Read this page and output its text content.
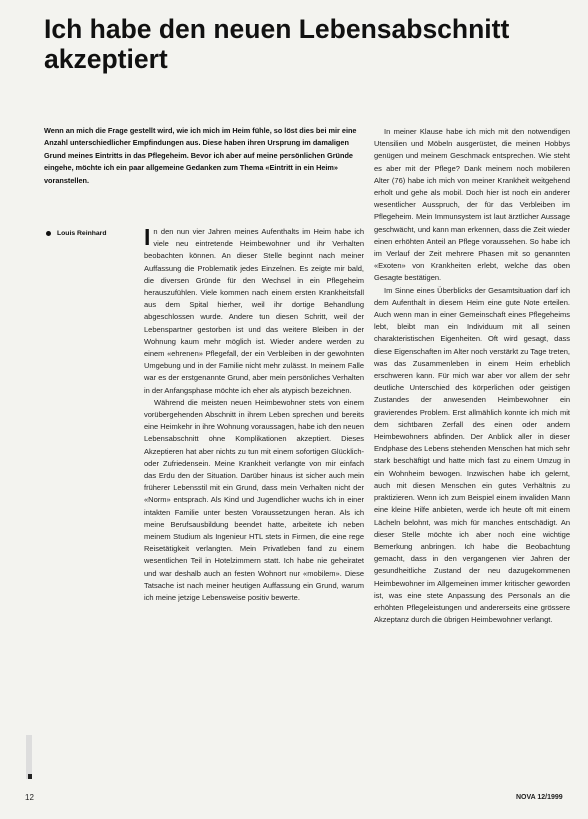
Ich habe den neuen Lebensabschnitt akzeptiert

Wenn an mich die Frage gestellt wird, wie ich mich im Heim fühle, so löst dies bei mir eine Anzahl unterschiedlicher Empfindungen aus. Diese haben ihren Ursprung im damaligen Grund meines Eintritts in das Pflegeheim. Bevor ich aber auf meine persönlichen Gründe eingehe, möchte ich ein paar allgemeine Gedanken zum Thema «Eintritt in ein Heim» voranstellen.

Louis Reinhard In den nun vier Jahren meines Aufenthalts im Heim habe ich viele neu eintretende Heimbewohner und ihr Verhalten beobachten können. An dieser Stelle beginnt nach meiner Auffassung die Problematik jedes Einzelnen. Es zeigte mir bald, die diversen Gründe für den Wechsel in ein Pflegeheim herauszufühlen. Viele kommen nach einem ersten Krankheitsfall aus dem Spital hierher, weil ihr dortige Behandlung abgeschlossen wurde. Andere tun diesen Schritt, weil der Lebenspartner gestorben ist und das weitere Bleiben in der Wohnung kaum mehr möglich ist. Wieder andere werden zu einem «ehrenen» Pflegefall, der ein Verbleiben in der gewohnten Umgebung und in der Familie nicht mehr zulässt. In meinem Falle war es der erstgenannte Grund, aber mein persönliches Verhalten in der Anfangsphase möchte ich eher als atypisch bezeichnen.

Während die meisten neuen Heimbewohner stets von einem vorübergehenden Abschnitt in ihrem Leben sprechen und bereits eine Heimkehr in ihre Wohnung voraussagen, habe ich den neuen Lebensabschnitt ohne Komplikationen akzeptiert. Dieses Akzeptieren hat aber nichts zu tun mit einem sofortigen Glücklich- oder Zufriedensein. Meine Krankheit verlangte von mir einfach das Erdu den der Situation. Darüber hinaus ist sicher auch mein früherer Lebensstil mit ein Grund, dass mein Verhalten nicht der «Norm» entsprach. Als Kind und Jugendlicher wuchs ich in einer intakten Familie unter besten Voraussetzungen heran. Als ich meine Berufsausbildung beendet hatte, arbeitete ich neben meinem Studium als Ingenieur HTL stets in Firmen, die eine rege Reisetätigkeit verlangten. Mein Privatleben fand zu einem wesentlichen Teil in Hotelzimmern statt. Ich habe nie geheiratet und war deshalb auch an festen Wohnort nur «mobilem». Diese Tatsache ist nach meiner heutigen Auffassung ein Grund, warum ich meine jetzige Lebensweise positiv bewerte.

In meiner Klause habe ich mich mit den notwendigen Utensilien und Möbeln ausgerüstet, die meinen Hobbys genügen und meinem Geschmack entsprechen. Wie steht es aber mit der Pflege? Dank meinem noch mobileren Alter (76) habe ich mich von meiner Krankheit weitgehend erholt und gehe als mobil. Doch hier ist noch ein anderer wesentlicher Ausspruch, der für das Verbleiben im Pflegeheim. Mein Immunsystem ist laut ärztlicher Aussage geschwächt, und kann man erkennen, dass die Zeit wieder einen erhöhten Anteil an Pflege voraussehen. So habe ich im Verlauf der Zeit mehrere Phasen mit so genannten «Exoten» von Krankheiten erlebt, welche das oben Gesagte bestätigen.

Im Sinne eines Überblicks der Gesamtsituation darf ich dem Aufenthalt in diesem Heim eine gute Note erteilen. Auch wenn man in einer Gemeinschaft eines Pflegeheims lebt, bleibt man ein Individuum mit all seinen charakteristischen Eigenheiten. Oft wird gesagt, dass diese Eigenschaften im Alter noch verstärkt zu Tage treten, was das Zusammenleben in einem Heim erheblich erschweren kann. Für mich war aber vor allem der sehr deutliche Unterschied des körperlichen oder geistigen Zustandes der anwesenden Heimbewohner ein gravierendes Problem. Erst allmählich konnte ich mich mit dem sichtbaren Zerfall des einen oder andern Heimbewohners abfinden. Der Anblick aller in dieser Endphase des Lebens stehenden Menschen hat mich sehr stark beschäftigt und hatte mich fast zu einem Umzug in ein Wohnheim bewogen. Inzwischen habe ich gelernt, auch mit diesen Menschen ein gutes Verhältnis zu praktizieren. Wenn ich zum Beispiel einem invaliden Mann eine kleine Hilfe anbieten, werde ich heute oft mit einem Lächeln belohnt, was mich für manches entschädigt. An dieser Stelle möchte ich aber noch eine wichtige Bemerkung anbringen. Ich habe die Beobachtung gemacht, dass in den vergangenen vier Jahren der gesundheitliche Zustand der neu dazugekommenen Heimbewohner im Allgemeinen immer kritischer geworden ist, was eine stete Anpassung des Personals an die erhöhten Pflegeleistungen und andererseits eine grössere Akzeptanz durch die übrigen Heimbewohner verlangt.

12	NOVA 12/1999
